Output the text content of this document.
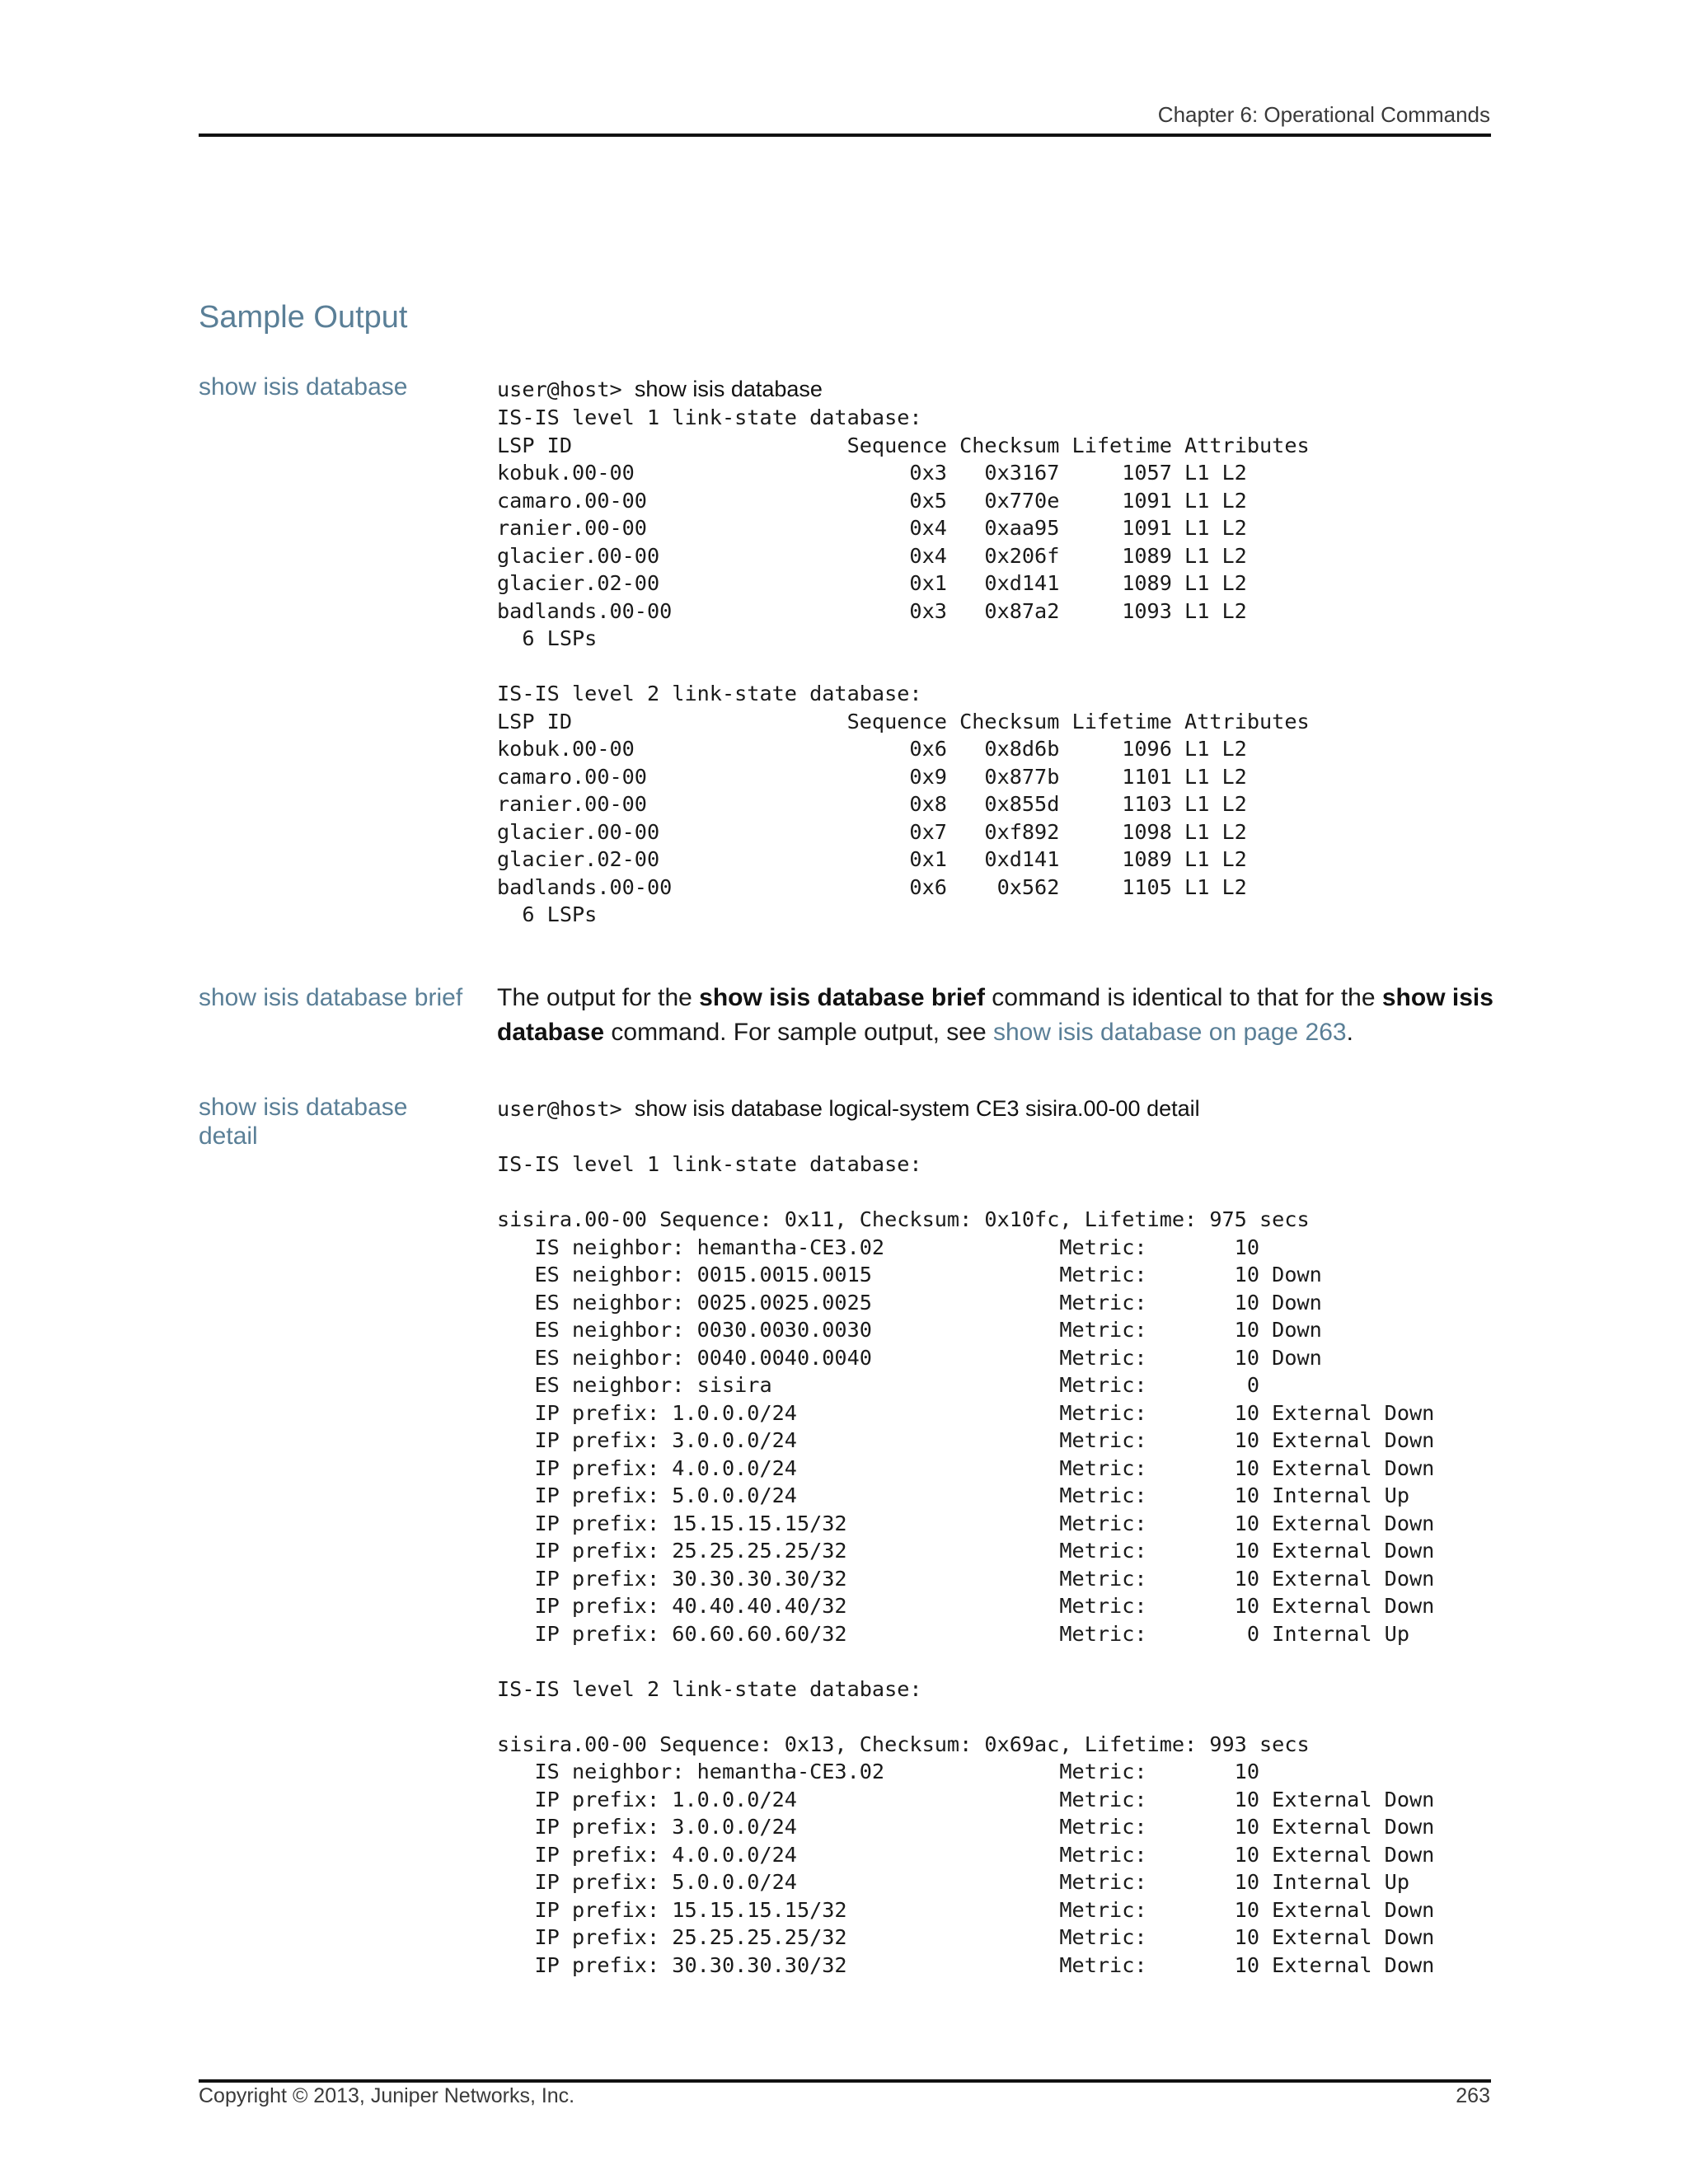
Chapter 6: Operational Commands
Sample Output
show isis database	user@host> show isis database
IS-IS level 1 link-state database:
LSP ID                      Sequence Checksum Lifetime Attributes
kobuk.00-00                      0x3   0x3167     1057 L1 L2
camaro.00-00                     0x5   0x770e     1091 L1 L2
ranier.00-00                     0x4   0xaa95     1091 L1 L2
glacier.00-00                    0x4   0x206f     1089 L1 L2
glacier.02-00                    0x1   0xd141     1089 L1 L2
badlands.00-00                   0x3   0x87a2     1093 L1 L2
6 LSPs

IS-IS level 2 link-state database:
LSP ID                      Sequence Checksum Lifetime Attributes
kobuk.00-00                      0x6   0x8d6b     1096 L1 L2
camaro.00-00                     0x9   0x877b     1101 L1 L2
ranier.00-00                     0x8   0x855d     1103 L1 L2
glacier.00-00                    0x7   0xf892     1098 L1 L2
glacier.02-00                    0x1   0xd141     1089 L1 L2
badlands.00-00                   0x6    0x562     1105 L1 L2
6 LSPs
show isis database brief	The output for the show isis database brief command is identical to that for the show isis database command. For sample output, see show isis database on page 263.
show isis database detail
user@host> show isis database logical-system CE3 sisira.00-00 detail
IS-IS level 1 link-state database:

sisira.00-00 Sequence: 0x11, Checksum: 0x10fc, Lifetime: 975 secs
IS neighbor: hemantha-CE3.02              Metric:       10
ES neighbor: 0015.0015.0015               Metric:       10 Down
ES neighbor: 0025.0025.0025               Metric:       10 Down
ES neighbor: 0030.0030.0030               Metric:       10 Down
ES neighbor: 0040.0040.0040               Metric:       10 Down
ES neighbor: sisira                       Metric:        0
IP prefix: 1.0.0.0/24                     Metric:       10 External Down
IP prefix: 3.0.0.0/24                     Metric:       10 External Down
IP prefix: 4.0.0.0/24                     Metric:       10 External Down
IP prefix: 5.0.0.0/24                     Metric:       10 Internal Up
IP prefix: 15.15.15.15/32                 Metric:       10 External Down
IP prefix: 25.25.25.25/32                 Metric:       10 External Down
IP prefix: 30.30.30.30/32                 Metric:       10 External Down
IP prefix: 40.40.40.40/32                 Metric:       10 External Down
IP prefix: 60.60.60.60/32                 Metric:        0 Internal Up

IS-IS level 2 link-state database:

sisira.00-00 Sequence: 0x13, Checksum: 0x69ac, Lifetime: 993 secs
IS neighbor: hemantha-CE3.02              Metric:       10
IP prefix: 1.0.0.0/24                     Metric:       10 External Down
IP prefix: 3.0.0.0/24                     Metric:       10 External Down
IP prefix: 4.0.0.0/24                     Metric:       10 External Down
IP prefix: 5.0.0.0/24                     Metric:       10 Internal Up
IP prefix: 15.15.15.15/32                 Metric:       10 External Down
IP prefix: 25.25.25.25/32                 Metric:       10 External Down
IP prefix: 30.30.30.30/32                 Metric:       10 External Down
Copyright © 2013, Juniper Networks, Inc.	263
